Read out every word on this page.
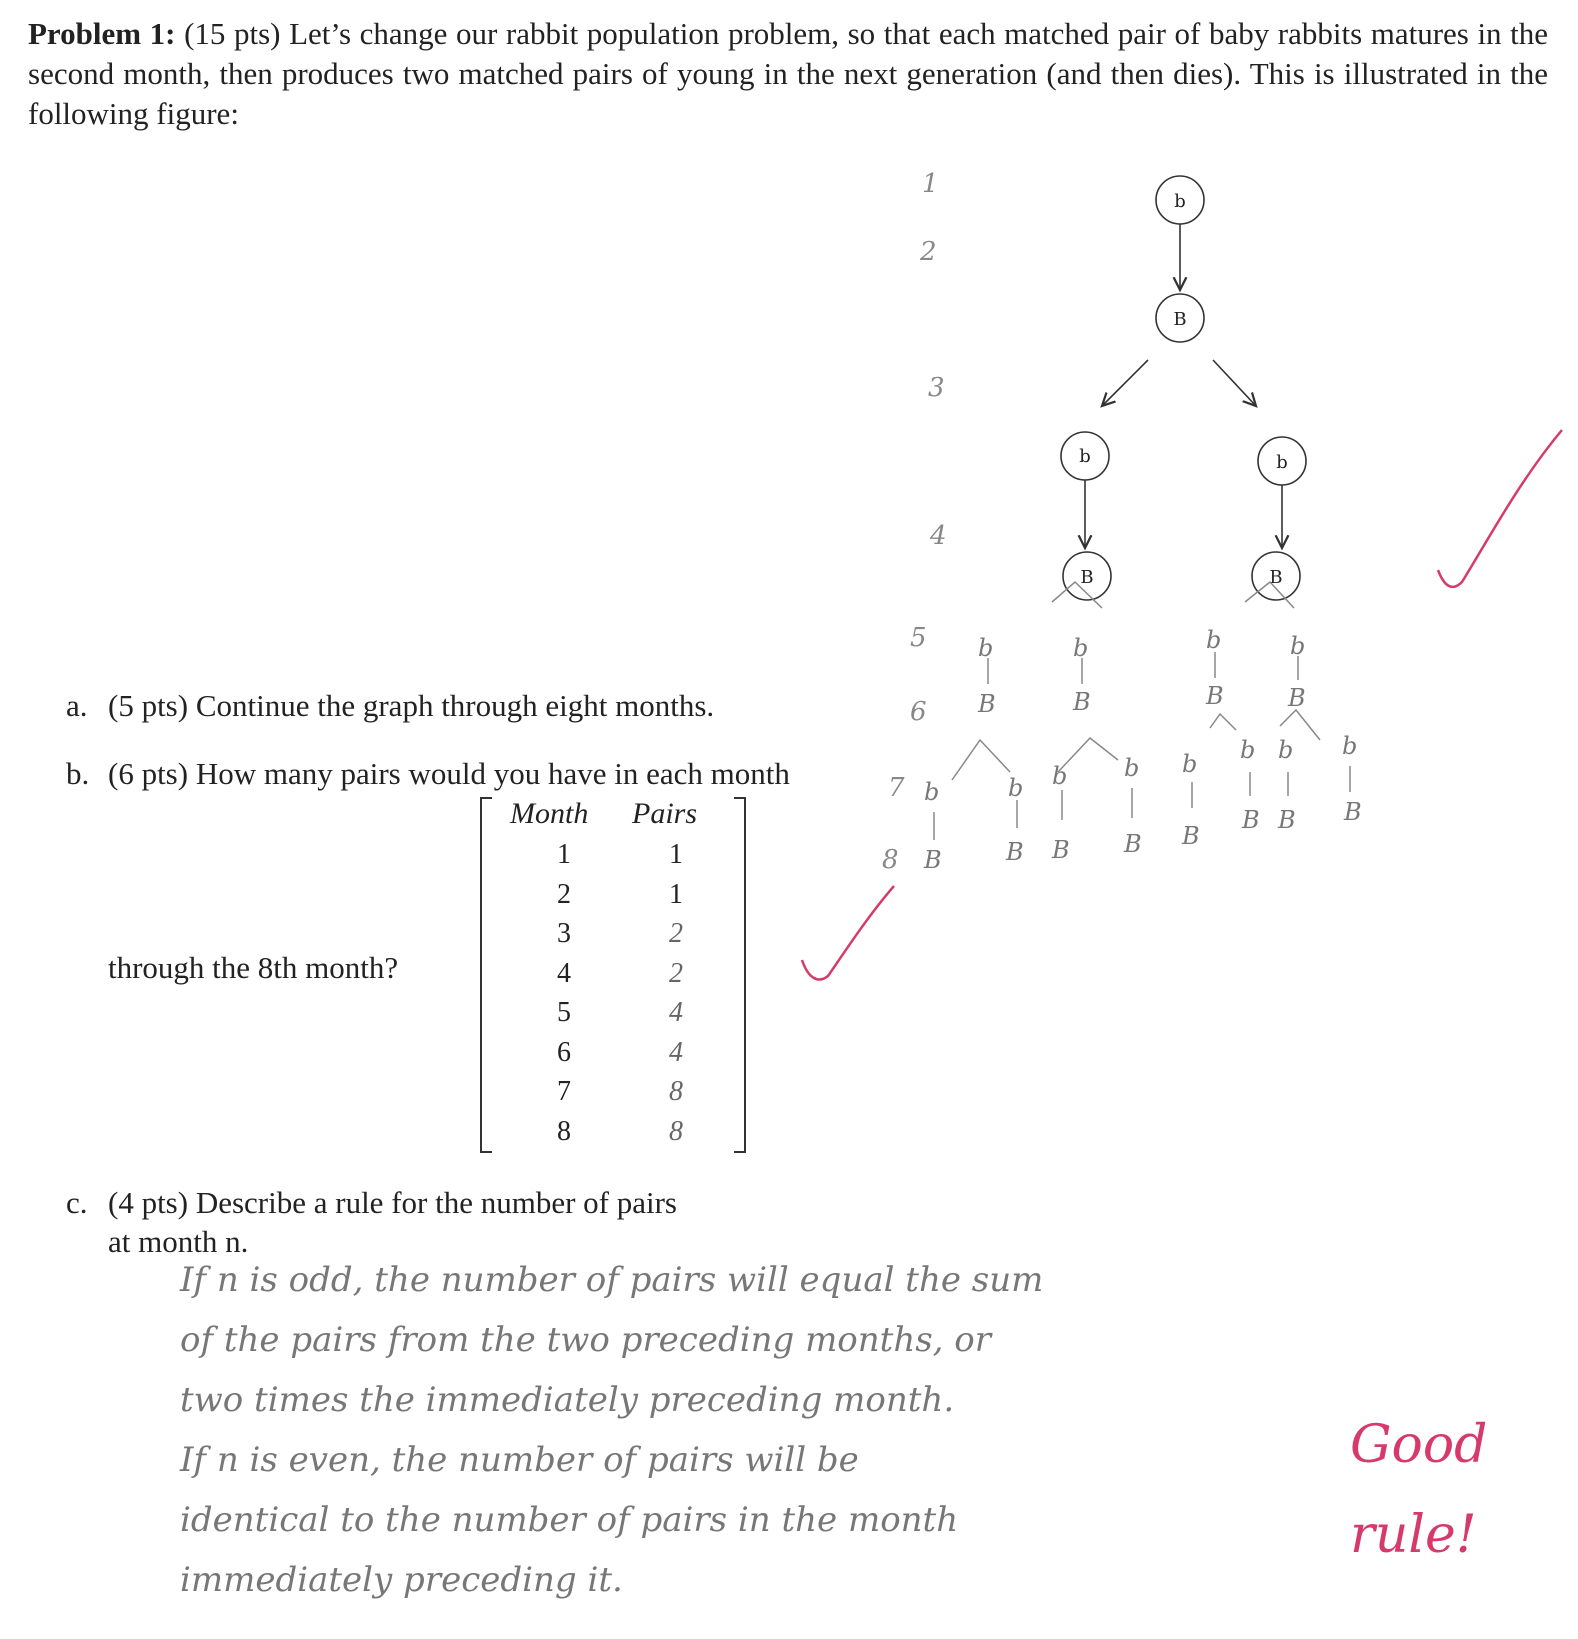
Problem 1: (15 pts) Let’s change our rabbit population problem, so that each matched pair of baby rabbits matures in the second month, then produces two matched pairs of young in the next generation (and then dies). This is illustrated in the following figure:
a. (5 pts) Continue the graph through eight months.
b. (6 pts) How many pairs would you have in each month
through the 8th month?
Month Pairs
1	1
2	1
3	2
4	2
5	4
6	4
7	8
8	8
c. (4 pts) Describe a rule for the number of pairs
at month n.
b
B
b	b
B	B
1
2
3
4
5
6
7
8
b	b	b	b
B	B	B	B
b	b b b b b b b
B	B B B B
B B B
If n is odd, the number of pairs will equal the sum
of the pairs from the two preceding months, or
two times the immediately preceding month.
If n is even, the number of pairs will be
identical to the number of pairs in the month
immediately preceding it.
Good
rule!
